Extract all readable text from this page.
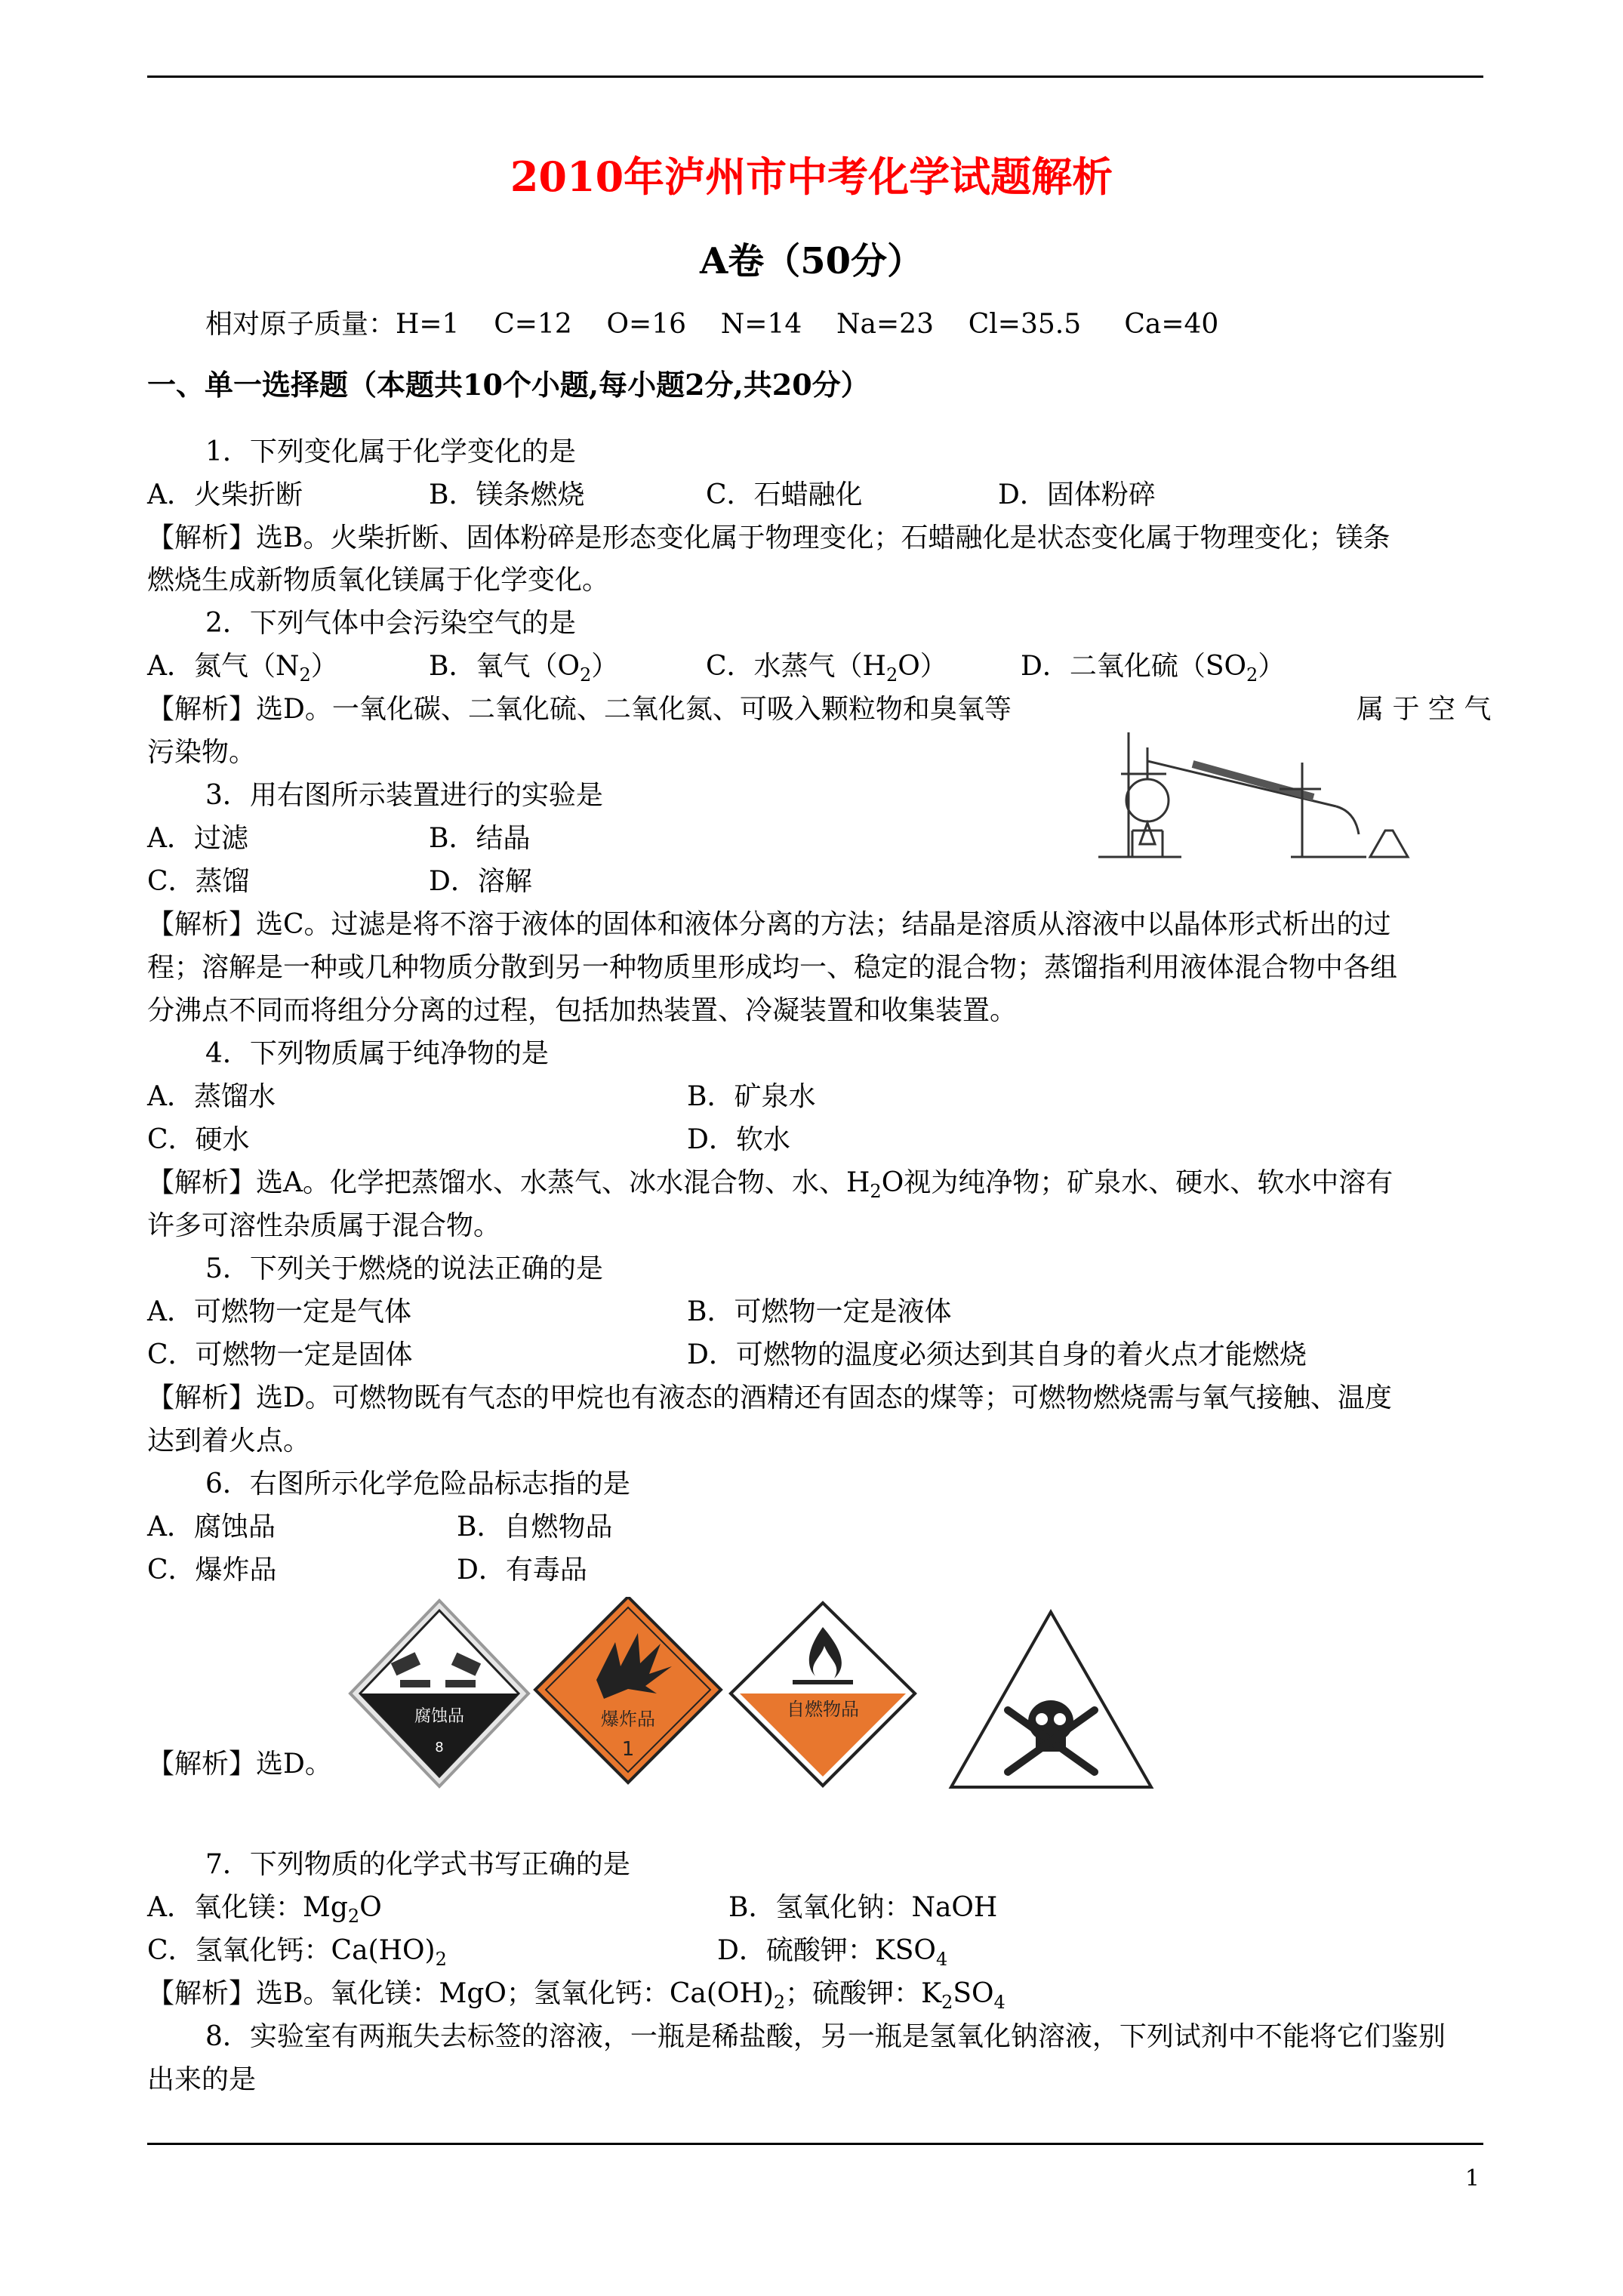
2010年泸州市中考化学试题解析
A卷（50分）
相对原子质量：H=1    C=12    O=16    N=14    Na=23    Cl=35.5     Ca=40
一、单一选择题（本题共10个小题,每小题2分,共20分）
1．下列变化属于化学变化的是
A．火柴折断	B．镁条燃烧	C．石蜡融化	D．固体粉碎
【解析】选B。火柴折断、固体粉碎是形态变化属于物理变化；石蜡融化是状态变化属于物理变化；镁条
燃烧生成新物质氧化镁属于化学变化。
2．下列气体中会污染空气的是
A．氮气$(N_2)$	B．氧气$(O_2)$	C．水蒸气$(H_2O)$	D．二氧化硫$(SO_2)$
【解析】选D。一氧化碳、二氧化硫、二氧化氮、可吸入颗粒物和臭氧等	属 于 空 气
污染物。
3．用右图所示装置进行的实验是
A．过滤	B．结晶
C．蒸馏	D．溶解
【解析】选C。过滤是将不溶于液体的固体和液体分离的方法；结晶是溶质从溶液中以晶体形式析出的过
程；溶解是一种或几种物质分散到另一种物质里形成均一、稳定的混合物；蒸馏指利用液体混合物中各组
分沸点不同而将组分分离的过程，包括加热装置、冷凝装置和收集装置。
4．下列物质属于纯净物的是
A．蒸馏水	B．矿泉水
C．硬水	D．软水
【解析】选A。化学把蒸馏水、水蒸气、冰水混合物、水、$H_2O$视为纯净物；矿泉水、硬水、软水中溶有
许多可溶性杂质属于混合物。
5．下列关于燃烧的说法正确的是
A．可燃物一定是气体	B．可燃物一定是液体
C．可燃物一定是固体	D．可燃物的温度必须达到其自身的着火点才能燃烧
【解析】选D。可燃物既有气态的甲烷也有液态的酒精还有固态的煤等；可燃物燃烧需与氧气接触、温度
达到着火点。
6．右图所示化学危险品标志指的是
A．腐蚀品	B．自燃物品
C．爆炸品	D．有毒品
腐蚀品
8
爆炸品
1
自燃物品
【解析】选D。
7．下列物质的化学式书写正确的是
A．氧化镁：$Mg_2O$	B．氢氧化钠：NaOH
C．氢氧化钙：$Ca(HO)_2$	D．硫酸钾：$KSO_4$
【解析】选B。氧化镁：MgO；氢氧化钙：$Ca(OH)_2$；硫酸钾：$K_2SO_4$
8．实验室有两瓶失去标签的溶液，一瓶是稀盐酸，另一瓶是氢氧化钠溶液，下列试剂中不能将它们鉴别
出来的是
1
